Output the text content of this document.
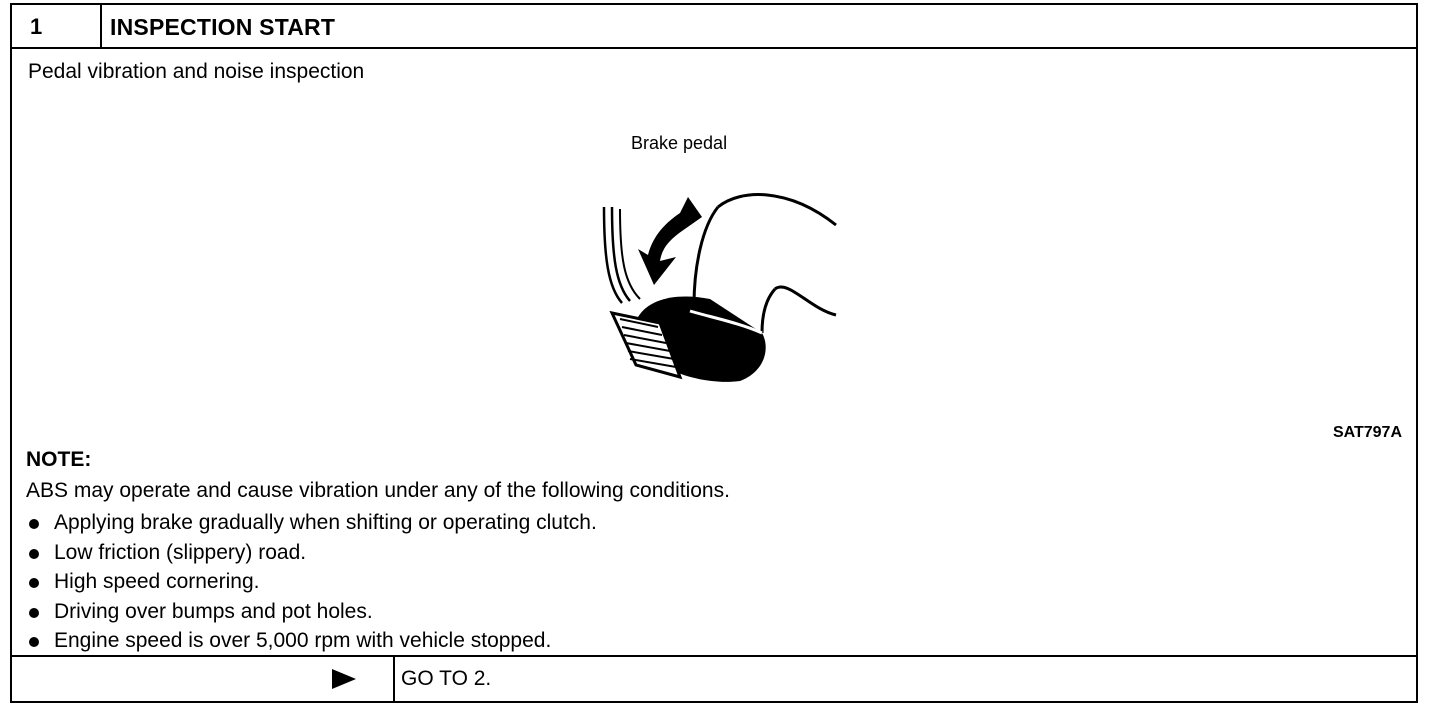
1	INSPECTION START
Pedal vibration and noise inspection
Brake pedal
SAT797A
NOTE:
ABS may operate and cause vibration under any of the following conditions.
Applying brake gradually when shifting or operating clutch.
Low friction (slippery) road.
High speed cornering.
Driving over bumps and pot holes.
Engine speed is over 5,000 rpm with vehicle stopped.
GO TO 2.
